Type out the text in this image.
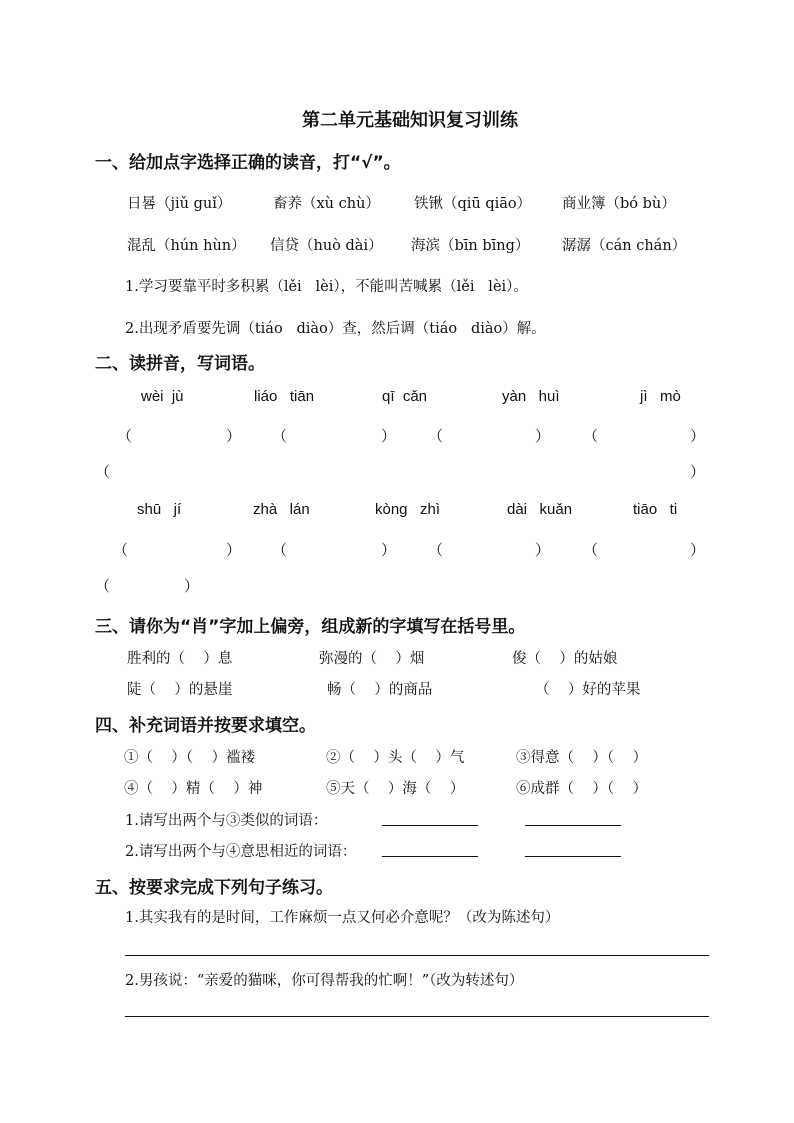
第二单元基础知识复习训练
一、给加点字选择正确的读音，打“√”。
日晷（jiǔ guǐ）	畜养（xù chù） 铁锹（qiū qiāo） 商业簿（bó bù）
混乱（hún hùn） 信贷（huò dài） 海滨（bīn bīng） 潺潺（cán chán）
1.学习要靠平时多积累（lěi   lèi），不能叫苦喊累（lěi   lèi）。
2.出现矛盾要先调（tiáo   diào）查，然后调（tiáo   diào）解。
二、读拼音，写词语。
wèi  jù	liáo   tiān	qī  cǎn	yàn   huì	jì   mò
（	） （	） （	） （	）
（	）
shū   jí	zhà   lán	kòng   zhì	dài   kuǎn	tiāo   ti
（	） （	） （	） （	）
（	）
三、请你为“肖”字加上偏旁，组成新的字填写在括号里。
胜利的（    ）息	弥漫的（    ）烟	俊（    ）的姑娘
陡（    ）的悬崖	畅（    ）的商品	（    ）好的苹果
四、补充词语并按要求填空。
①（    ）（    ）褴褛	②（    ）头（    ）气	③得意（    ）（    ）
④（    ）精（    ）神	⑤天（    ）海（    ）	⑥成群（    ）（    ）
1.请写出两个与③类似的词语：
2.请写出两个与④意思相近的词语：
五、按要求完成下列句子练习。
1.其实我有的是时间，工作麻烦一点又何必介意呢？（改为陈述句）
2.男孩说：“亲爱的猫咪，你可得帮我的忙啊！”（改为转述句）
